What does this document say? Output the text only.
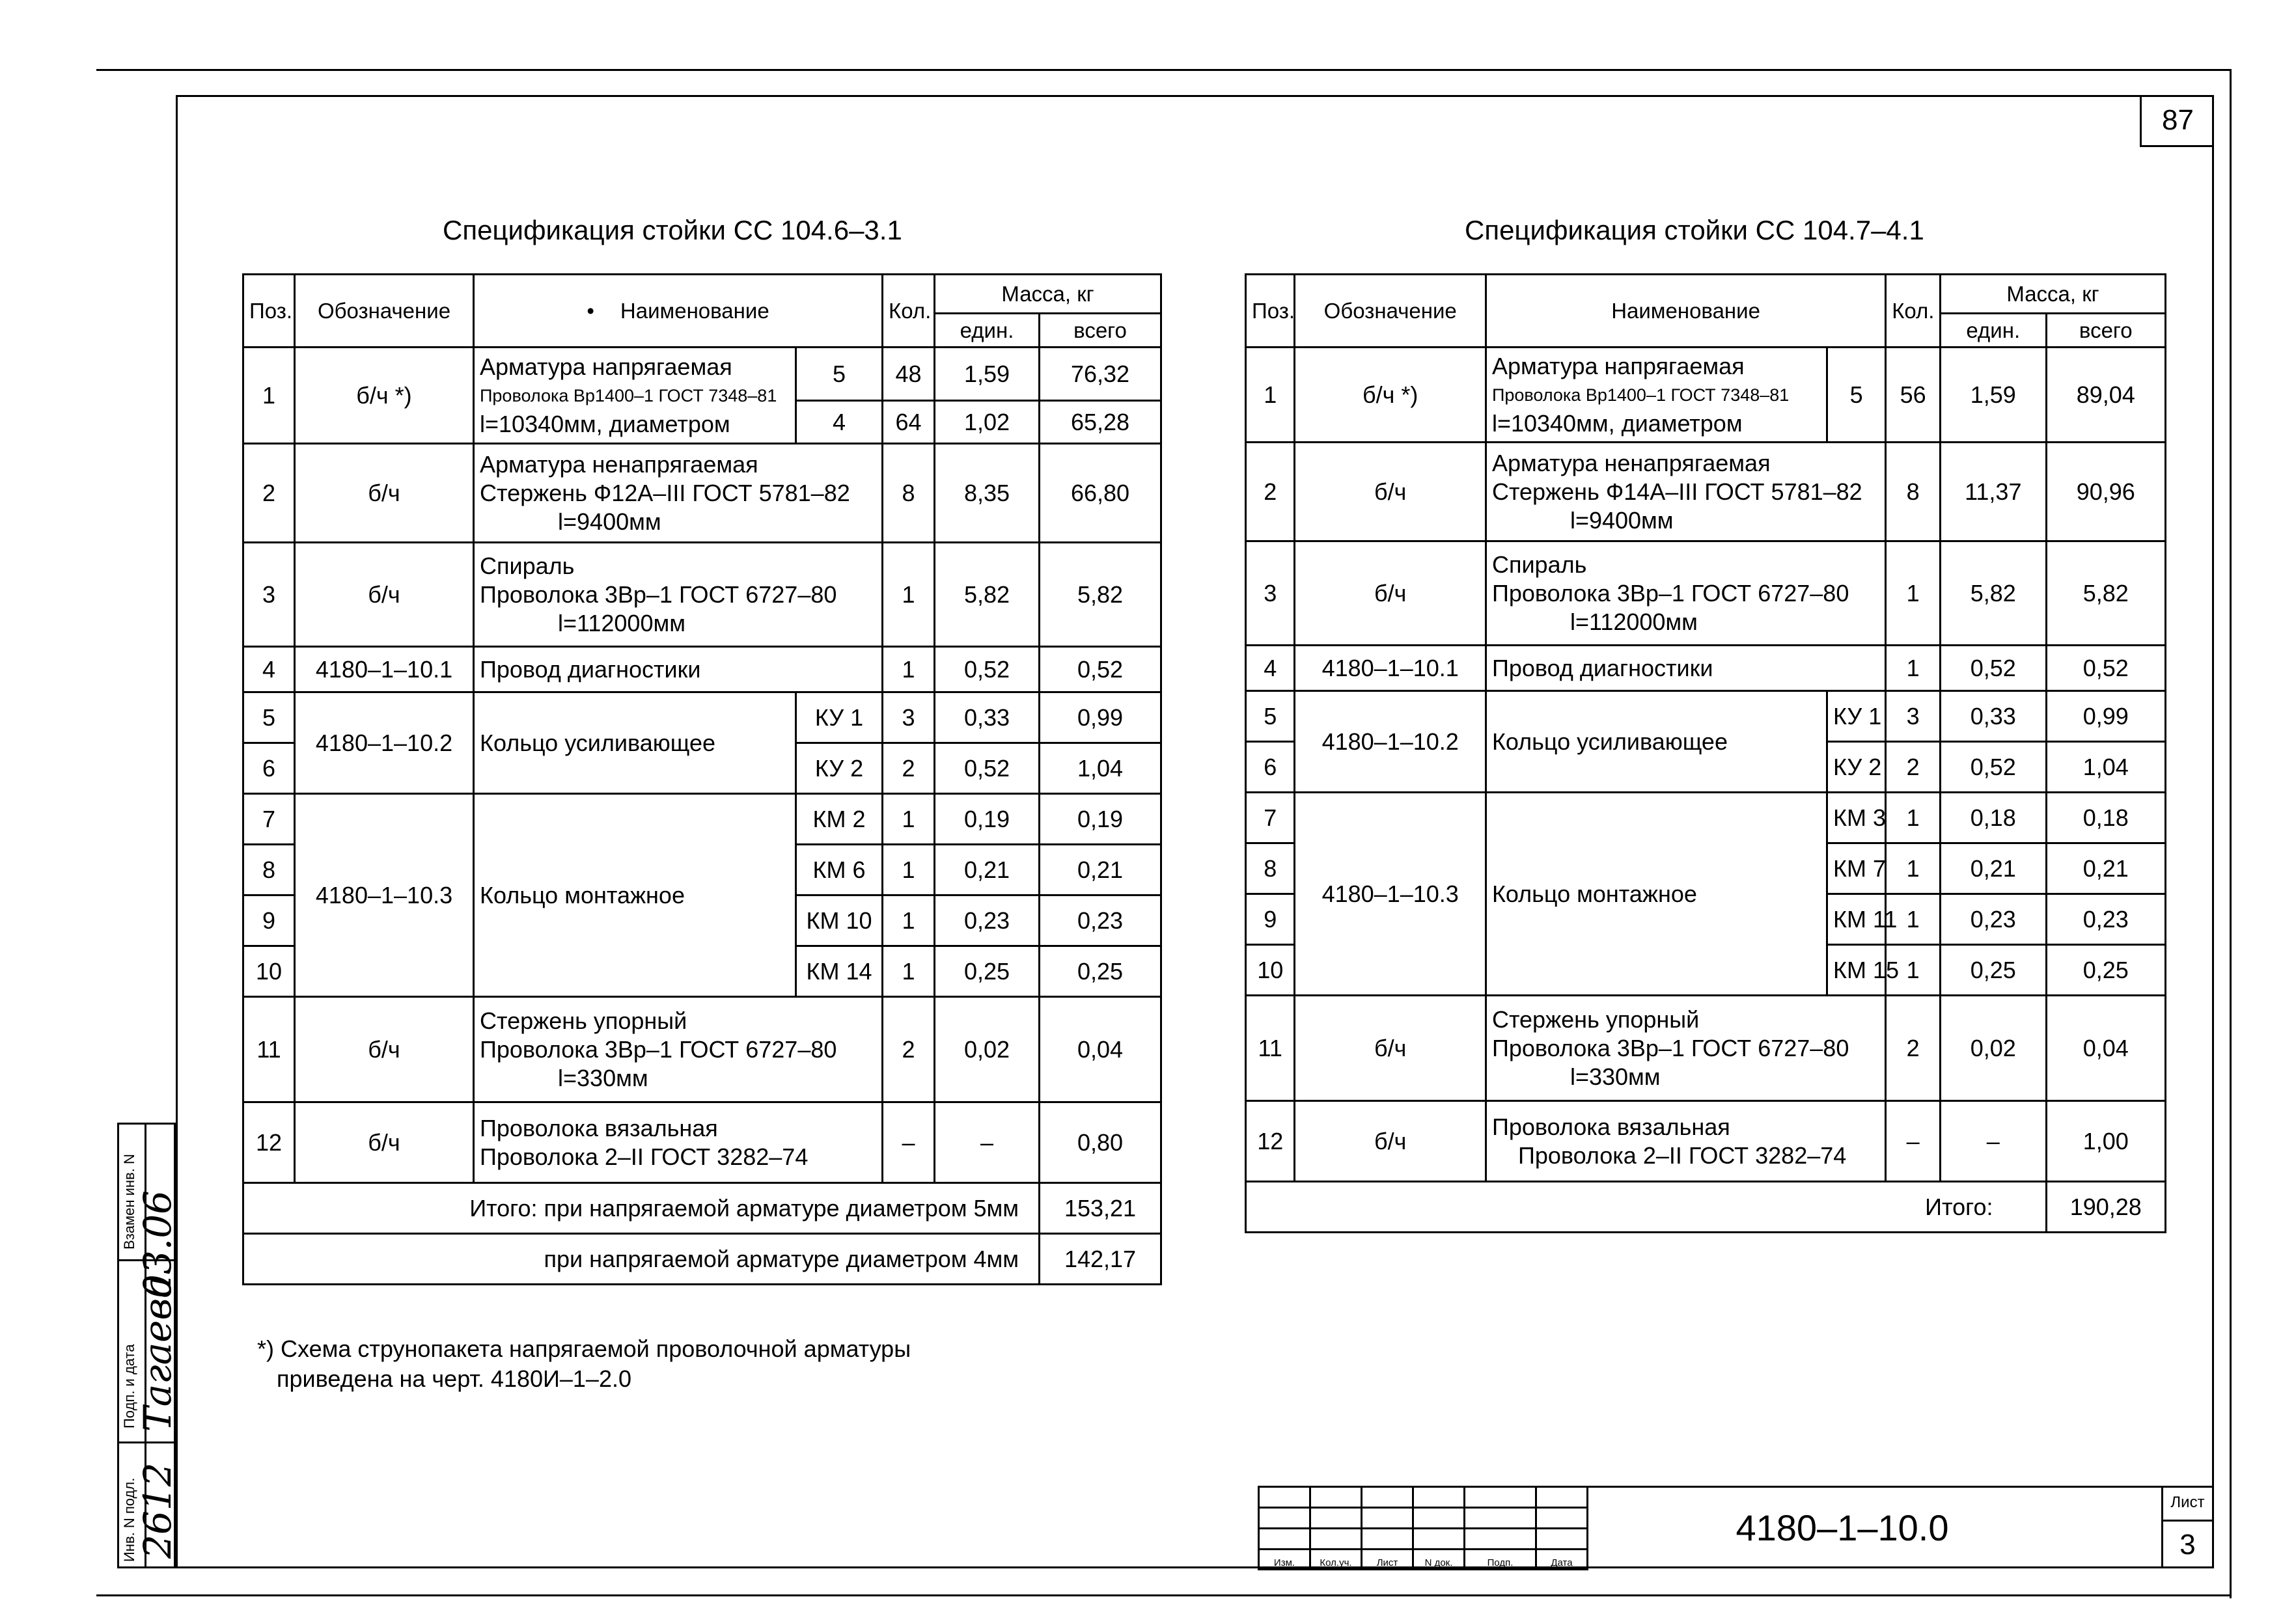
87
Спецификация стойки СС 104.6–3.1
Поз.	Обозначение	• Наименование		Кол.	Масса, кг	
					един.	всего
1	б/ч *)	Арматура напрягаемая
Проволока Вр1400–1 ГОСТ 7348–81
l=10340мм, диаметром	5	48	1,59	76,32
			4	64	1,02	65,28
2	б/ч	Арматура ненапрягаемая
Стержень Ф12А–III ГОСТ 5781–82
l=9400мм		8	8,35	66,80
3	б/ч	Спираль
Проволока 3Вр–1 ГОСТ 6727–80
l=112000мм		1	5,82	5,82
4	4180–1–10.1	Провод диагностики		1	0,52	0,52
5	4180–1–10.2	Кольцо усиливающее	КУ 1	3	0,33	0,99
6			КУ 2	2	0,52	1,04
7	4180–1–10.3	Кольцо монтажное	КМ 2	1	0,19	0,19
8			КМ 6	1	0,21	0,21
9			КМ 10	1	0,23	0,23
10			КМ 14	1	0,25	0,25
11	б/ч	Стержень упорный
Проволока 3Вр–1 ГОСТ 6727–80
l=330мм		2	0,02	0,04
12	б/ч	Проволока вязальная
Проволока 2–II ГОСТ 3282–74		–	–	0,80
Итого: при напрягаемой арматуре диаметром 5мм						153,21
при напрягаемой арматуре диаметром 4мм						142,17
*) Схема струнопакета напрягаемой проволочной арматуры
приведена на черт. 4180И–1–2.0
Спецификация стойки СС 104.7–4.1
Поз.	Обозначение	Наименование		Кол.	Масса, кг	
					един.	всего
1	б/ч *)	Арматура напрягаемая
Проволока Вр1400–1 ГОСТ 7348–81
l=10340мм, диаметром	5	56	1,59	89,04
2	б/ч	Арматура ненапрягаемая
Стержень Ф14А–III ГОСТ 5781–82
l=9400мм		8	11,37	90,96
3	б/ч	Спираль
Проволока 3Вр–1 ГОСТ 6727–80
l=112000мм		1	5,82	5,82
4	4180–1–10.1	Провод диагностики		1	0,52	0,52
5	4180–1–10.2	Кольцо усиливающее	КУ 1	3	0,33	0,99
6			КУ 2	2	0,52	1,04
7	4180–1–10.3	Кольцо монтажное	КМ 3	1	0,18	0,18
8			КМ 7	1	0,21	0,21
9			КМ 11	1	0,23	0,23
10			КМ 15	1	0,25	0,25
11	б/ч	Стержень упорный
Проволока 3Вр–1 ГОСТ 6727–80
l=330мм		2	0,02	0,04
12	б/ч	Проволока вязальная
Проволока 2–II ГОСТ 3282–74		–	–	1,00
Итого:						190,28

Изм.	Кол.уч.	Лист	N док.	Подп.	Дата
4180–1–10.0
Лист
3
Взамен инв. N
Подп. и дата
Инв. N подл.
2612
Тагаева
03.06
